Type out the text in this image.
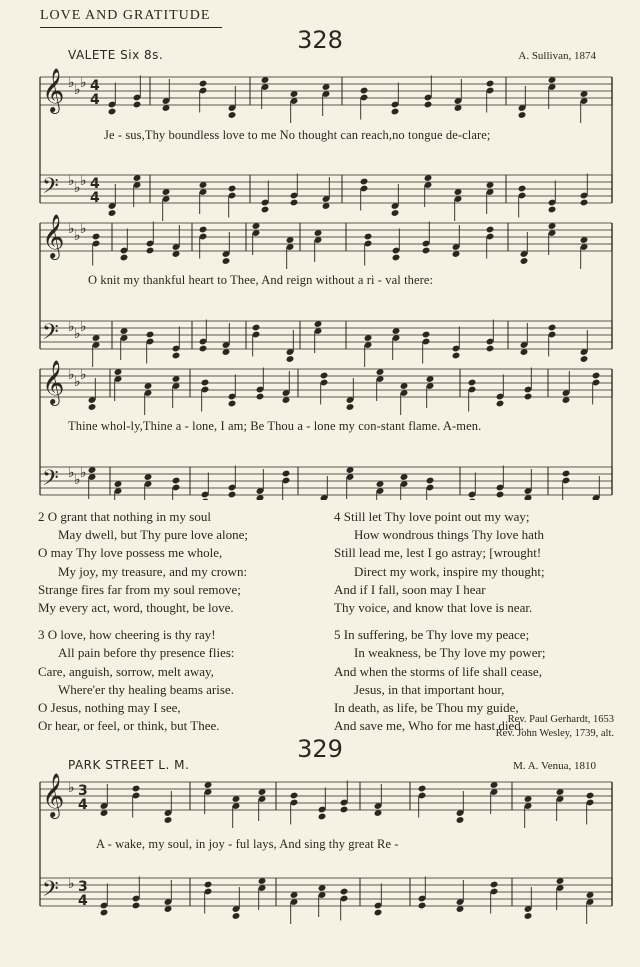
LOVE AND GRATITUDE
328
VALETE Six 8s.	A. Sullivan, 1874
𝄞 ♭ ♭ ♭ 4
4
𝄢 ♭ ♭ ♭ 4
4
𝄞 ♭ ♭ ♭
𝄢 ♭ ♭ ♭
𝄞 ♭ ♭ ♭
𝄢 ♭ ♭ ♭
Je - sus,Thy boundless love to me No thought can reach,no tongue de-clare;
O knit my thankful heart to Thee, And reign without a ri - val there:
Thine whol-ly,Thine a - lone, I am; Be Thou a - lone my con-stant flame. A-men.
2 O grant that nothing in my soul
May dwell, but Thy pure love alone;
O may Thy love possess me whole,
My joy, my treasure, and my crown:
Strange fires far from my soul remove;
My every act, word, thought, be love.
3 O love, how cheering is thy ray!
All pain before thy presence flies:
Care, anguish, sorrow, melt away,
Where'er thy healing beams arise.
O Jesus, nothing may I see,
Or hear, or feel, or think, but Thee.
4 Still let Thy love point out my way;
How wondrous things Thy love hath
Still lead me, lest I go astray; [wrought!
Direct my work, inspire my thought;
And if I fall, soon may I hear
Thy voice, and know that love is near.
5 In suffering, be Thy love my peace;
In weakness, be Thy love my power;
And when the storms of life shall cease,
Jesus, in that important hour,
In death, as life, be Thou my guide,
And save me, Who for me hast died.
Rev. Paul Gerhardt, 1653
Rev. John Wesley, 1739, alt.
329
PARK STREET L. M.	M. A. Venua, 1810
𝄞 ♭ 3
4
𝄢 ♭ 3
4
A - wake, my soul, in joy - ful lays, And sing thy great Re -
